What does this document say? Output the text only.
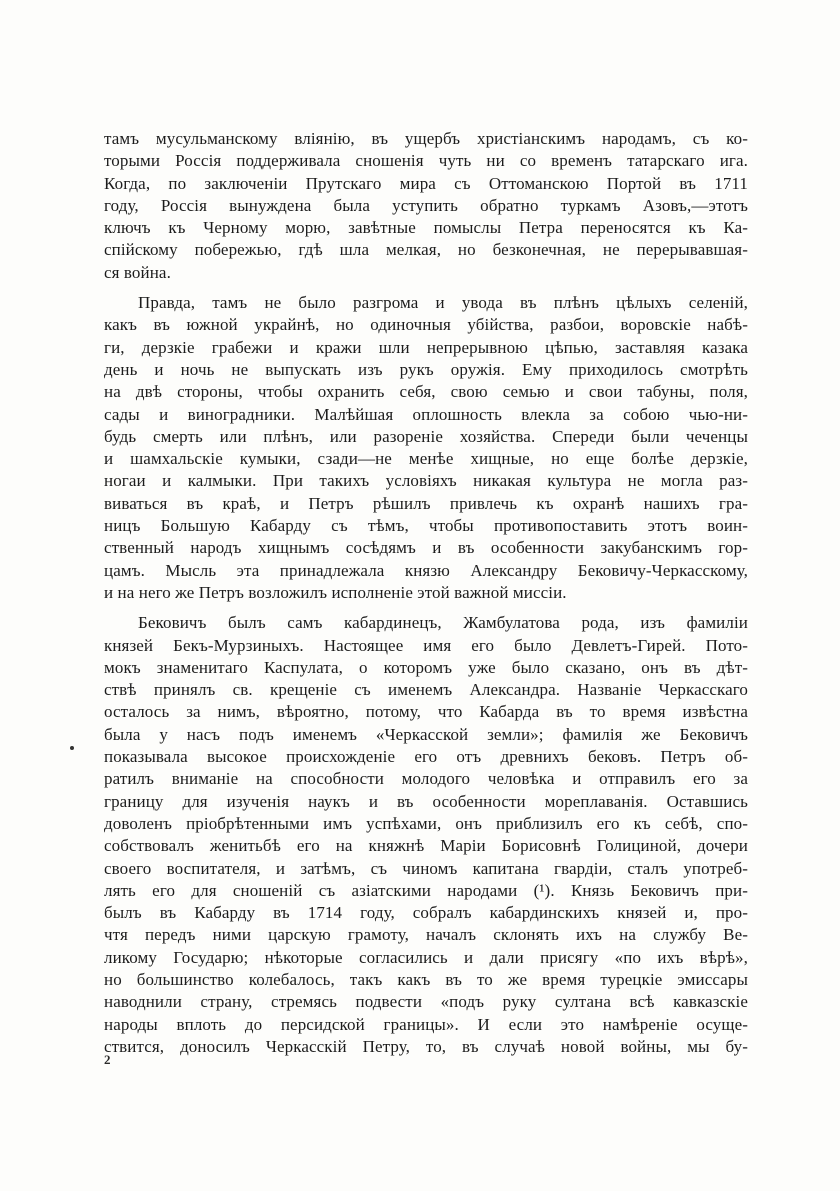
тамъ мусульманскому вліянію, въ ущербъ христіанскимъ народамъ, съ ко-
торыми Россія поддерживала сношенія чуть ни со временъ татарскаго ига.
Когда, по заключеніи Прутскаго мира съ Оттоманскою Портой въ 1711
году, Россія вынуждена была уступить обратно туркамъ Азовъ,—этотъ
ключъ къ Черному морю, завѣтные помыслы Петра переносятся къ Ка-
спійскому побережью, гдѣ шла мелкая, но безконечная, не перерывавшая-
ся война.
Правда, тамъ не было разгрома и увода въ плѣнъ цѣлыхъ селеній,
какъ въ южной украйнѣ, но одиночныя убійства, разбои, воровскіе набѣ-
ги, дерзкіе грабежи и кражи шли непрерывною цѣпью, заставляя казака
день и ночь не выпускать изъ рукъ оружія. Ему приходилось смотрѣть
на двѣ стороны, чтобы охранить себя, свою семью и свои табуны, поля,
сады и виноградники. Малѣйшая оплошность влекла за собою чью-ни-
будь смерть или плѣнъ, или разореніе хозяйства. Спереди были чеченцы
и шамхальскіе кумыки, сзади—не менѣе хищные, но еще болѣе дерзкіе,
ногаи и калмыки. При такихъ условіяхъ никакая культура не могла раз-
виваться въ краѣ, и Петръ рѣшилъ привлечь къ охранѣ нашихъ гра-
ницъ Большую Кабарду съ тѣмъ, чтобы противопоставить этотъ воин-
ственный народъ хищнымъ сосѣдямъ и въ особенности закубанскимъ гор-
цамъ. Мысль эта принадлежала князю Александру Бековичу-Черкасскому,
и на него же Петръ возложилъ исполненіе этой важной миссіи.
Бековичъ былъ самъ кабардинецъ, Жамбулатова рода, изъ фамиліи
князей Бекъ-Мурзиныхъ. Настоящее имя его было Девлетъ-Гирей. Пото-
мокъ знаменитаго Каспулата, о которомъ уже было сказано, онъ въ дѣт-
ствѣ принялъ св. крещеніе съ именемъ Александра. Названіе Черкасскаго
осталось за нимъ, вѣроятно, потому, что Кабарда въ то время извѣстна
была у насъ подъ именемъ «Черкасской земли»; фамилія же Бековичъ
показывала высокое происхожденіе его отъ древнихъ бековъ. Петръ об-
ратилъ вниманіе на способности молодого человѣка и отправилъ его за
границу для изученія наукъ и въ особенности мореплаванія. Оставшись
доволенъ пріобрѣтенными имъ успѣхами, онъ приблизилъ его къ себѣ, спо-
собствовалъ женитьбѣ его на княжнѣ Маріи Борисовнѣ Голициной, дочери
своего воспитателя, и затѣмъ, съ чиномъ капитана гвардіи, сталъ употреб-
лять его для сношеній съ азіатскими народами (¹). Князь Бековичъ при-
былъ въ Кабарду въ 1714 году, собралъ кабардинскихъ князей и, про-
чтя передъ ними царскую грамоту, началъ склонять ихъ на службу Ве-
ликому Государю; нѣкоторые согласились и дали присягу «по ихъ вѣрѣ»,
но большинство колебалось, такъ какъ въ то же время турецкіе эмиссары
наводнили страну, стремясь подвести «подъ руку султана всѣ кавказскіе
народы вплоть до персидской границы». И если это намѣреніе осуще-
ствится, доносилъ Черкасскій Петру, то, въ случаѣ новой войны, мы бу-
2
